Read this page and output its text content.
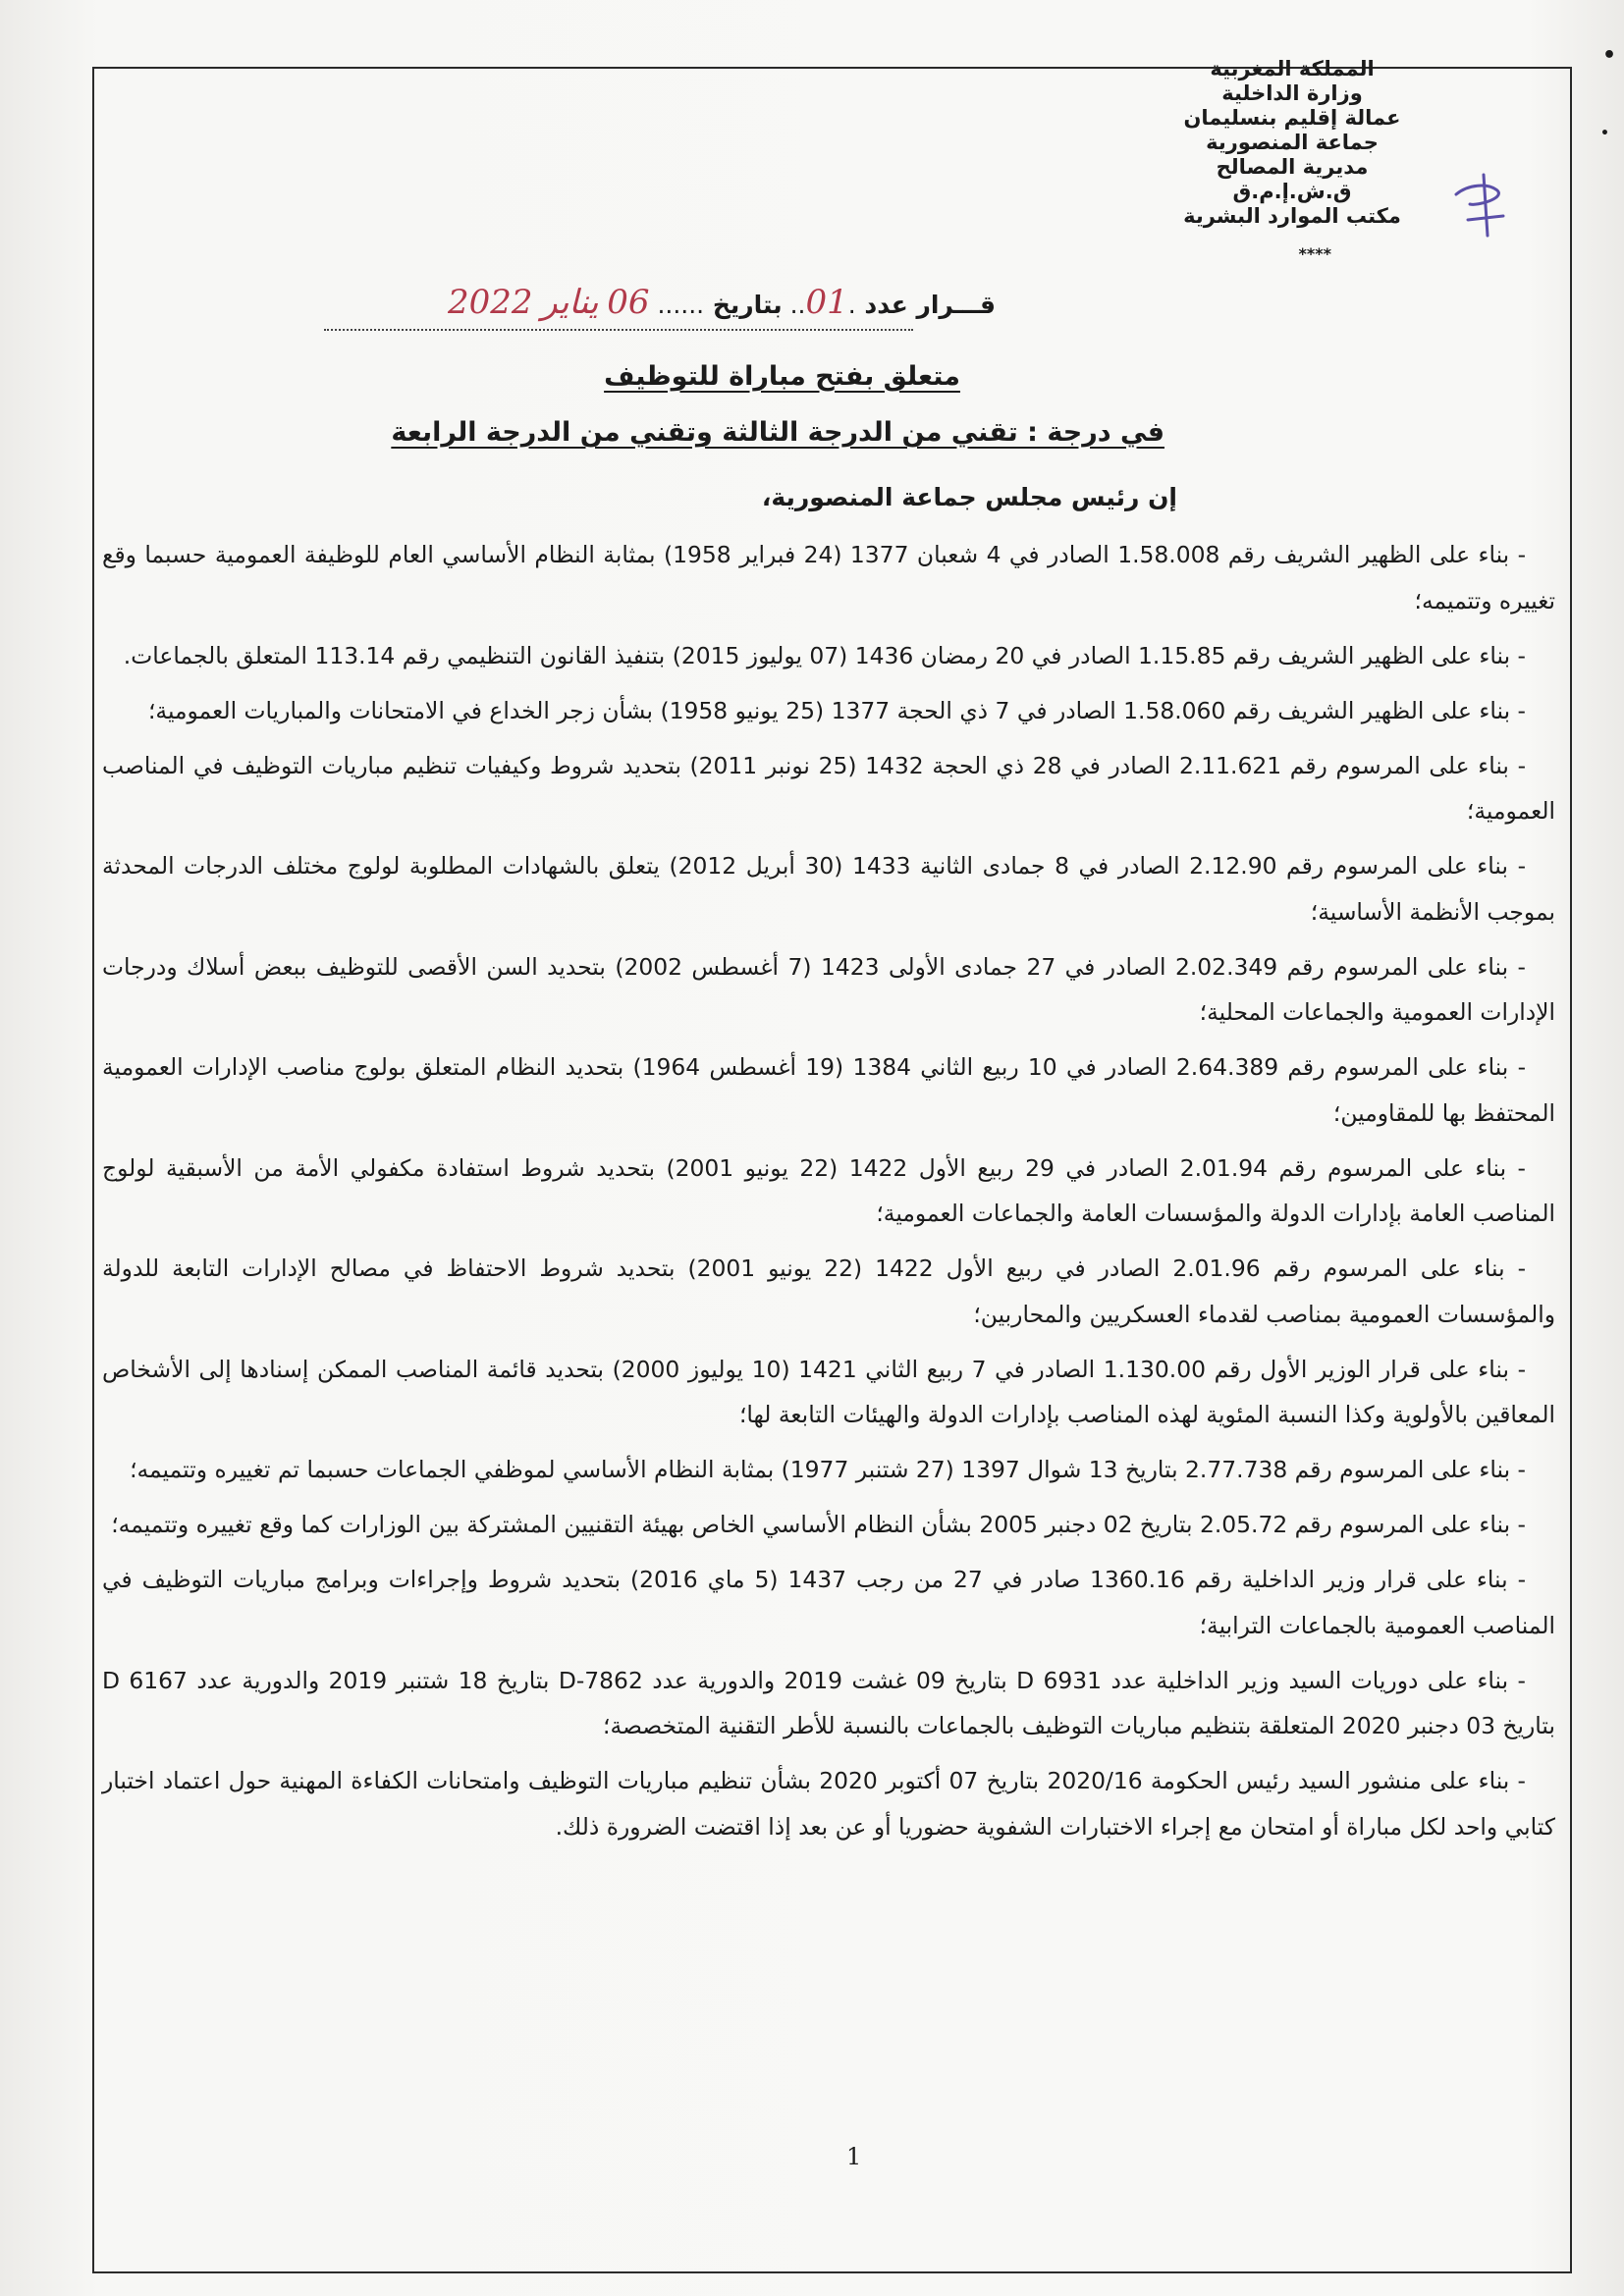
•
•
المملكة المغربية
وزارة الداخلية
عمالة إقليم بنسليمان
جماعة المنصورية
مديرية المصالح
ق.ش.إ.م.ق
مكتب الموارد البشرية
****
قـــرار عدد .01.. بتاريخ ...... 06 يناير 2022
متعلق بفتح مباراة للتوظيف
في درجة : تقني من الدرجة الثالثة وتقني من الدرجة الرابعة
إن رئيس مجلس جماعة المنصورية،

- بناء على الظهير الشريف رقم 1.58.008 الصادر في 4 شعبان 1377 (24 فبراير 1958) بمثابة النظام الأساسي العام للوظيفة العمومية حسبما وقع تغييره وتتميمه؛

- بناء على الظهير الشريف رقم 1.15.85 الصادر في 20 رمضان 1436 (07 يوليوز 2015) بتنفيذ القانون التنظيمي رقم 113.14 المتعلق بالجماعات.

- بناء على الظهير الشريف رقم 1.58.060 الصادر في 7 ذي الحجة 1377 (25 يونيو 1958) بشأن زجر الخداع في الامتحانات والمباريات العمومية؛

- بناء على المرسوم رقم 2.11.621 الصادر في 28 ذي الحجة 1432 (25 نونبر 2011) بتحديد شروط وكيفيات تنظيم مباريات التوظيف في المناصب العمومية؛

- بناء على المرسوم رقم 2.12.90 الصادر في 8 جمادى الثانية 1433 (30 أبريل 2012) يتعلق بالشهادات المطلوبة لولوج مختلف الدرجات المحدثة بموجب الأنظمة الأساسية؛

- بناء على المرسوم رقم 2.02.349 الصادر في 27 جمادى الأولى 1423 (7 أغسطس 2002) بتحديد السن الأقصى للتوظيف ببعض أسلاك ودرجات الإدارات العمومية والجماعات المحلية؛

- بناء على المرسوم رقم 2.64.389 الصادر في 10 ربيع الثاني 1384 (19 أغسطس 1964) بتحديد النظام المتعلق بولوج مناصب الإدارات العمومية المحتفظ بها للمقاومين؛

- بناء على المرسوم رقم 2.01.94 الصادر في 29 ربيع الأول 1422 (22 يونيو 2001) بتحديد شروط استفادة مكفولي الأمة من الأسبقية لولوج المناصب العامة بإدارات الدولة والمؤسسات العامة والجماعات العمومية؛

- بناء على المرسوم رقم 2.01.96 الصادر في ربيع الأول 1422 (22 يونيو 2001) بتحديد شروط الاحتفاظ في مصالح الإدارات التابعة للدولة والمؤسسات العمومية بمناصب لقدماء العسكريين والمحاربين؛

- بناء على قرار الوزير الأول رقم 1.130.00 الصادر في 7 ربيع الثاني 1421 (10 يوليوز 2000) بتحديد قائمة المناصب الممكن إسنادها إلى الأشخاص المعاقين بالأولوية وكذا النسبة المئوية لهذه المناصب بإدارات الدولة والهيئات التابعة لها؛

- بناء على المرسوم رقم 2.77.738 بتاريخ 13 شوال 1397 (27 شتنبر 1977) بمثابة النظام الأساسي لموظفي الجماعات حسبما تم تغييره وتتميمه؛

- بناء على المرسوم رقم 2.05.72 بتاريخ 02 دجنبر 2005 بشأن النظام الأساسي الخاص بهيئة التقنيين المشتركة بين الوزارات كما وقع تغييره وتتميمه؛

- بناء على قرار وزير الداخلية رقم 1360.16 صادر في 27 من رجب 1437 (5 ماي 2016) بتحديد شروط وإجراءات وبرامج مباريات التوظيف في المناصب العمومية بالجماعات الترابية؛

- بناء على دوريات السيد وزير الداخلية عدد D 6931 بتاريخ 09 غشت 2019 والدورية عدد D-7862 بتاريخ 18 شتنبر 2019 والدورية عدد D 6167 بتاريخ 03 دجنبر 2020 المتعلقة بتنظيم مباريات التوظيف بالجماعات بالنسبة للأطر التقنية المتخصصة؛

- بناء على منشور السيد رئيس الحكومة 2020/16 بتاريخ 07 أكتوبر 2020 بشأن تنظيم مباريات التوظيف وامتحانات الكفاءة المهنية حول اعتماد اختبار كتابي واحد لكل مباراة أو امتحان مع إجراء الاختبارات الشفوية حضوريا أو عن بعد إذا اقتضت الضرورة ذلك.

1
